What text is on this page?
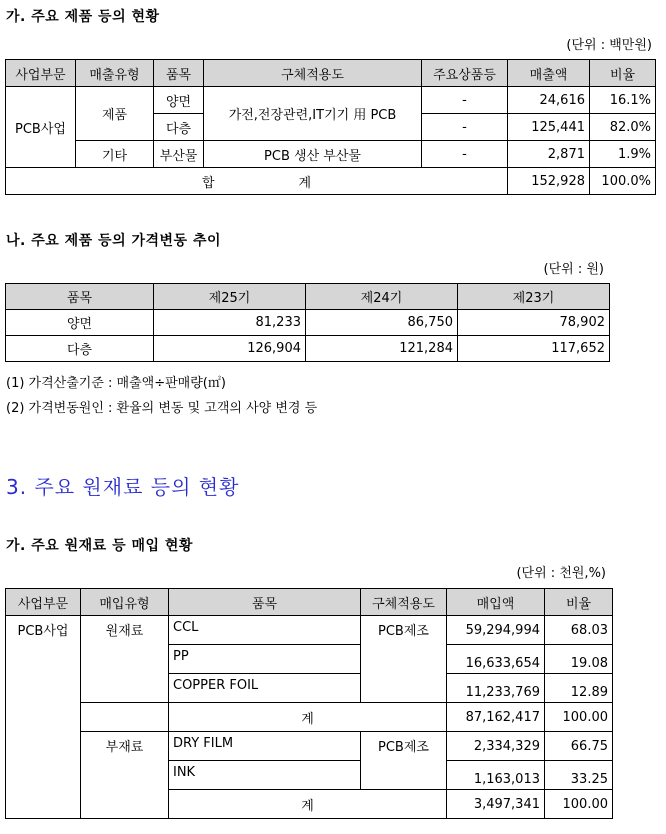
가. 주요 제품 등의 현황
(단위 : 백만원)
사업부문	매출유형	품목	구체적용도	주요상품등	매출액	비율
PCB사업	제품	양면	가전,전장관련,IT기기 用 PCB	-	24,616	16.1%
		다층		-	125,441	82.0%
	기타	부산물	PCB 생산 부산물	-	2,871	1.9%
합 계					152,928	100.0%
나. 주요 제품 등의 가격변동 추이
(단위 : 원)
품목	제25기	제24기	제23기
양면	81,233	86,750	78,902
다층	126,904	121,284	117,652
(1) 가격산출기준 : 매출액÷판매량(㎡)
(2) 가격변동원인 : 환율의 변동 및 고객의 사양 변경 등
3. 주요 원재료 등의 현황
가. 주요 원재료 등 매입 현황
(단위 : 천원,%)
사업부문	매입유형	품목	구체적용도	매입액	비율
PCB사업	원재료	CCL	PCB제조	59,294,994	68.03
		PP		16,633,654	19.08
		COPPER FOIL		11,233,769	12.89
		계		87,162,417	100.00
	부재료	DRY FILM	PCB제조	2,334,329	66.75
		INK		1,163,013	33.25
		계		3,497,341	100.00
